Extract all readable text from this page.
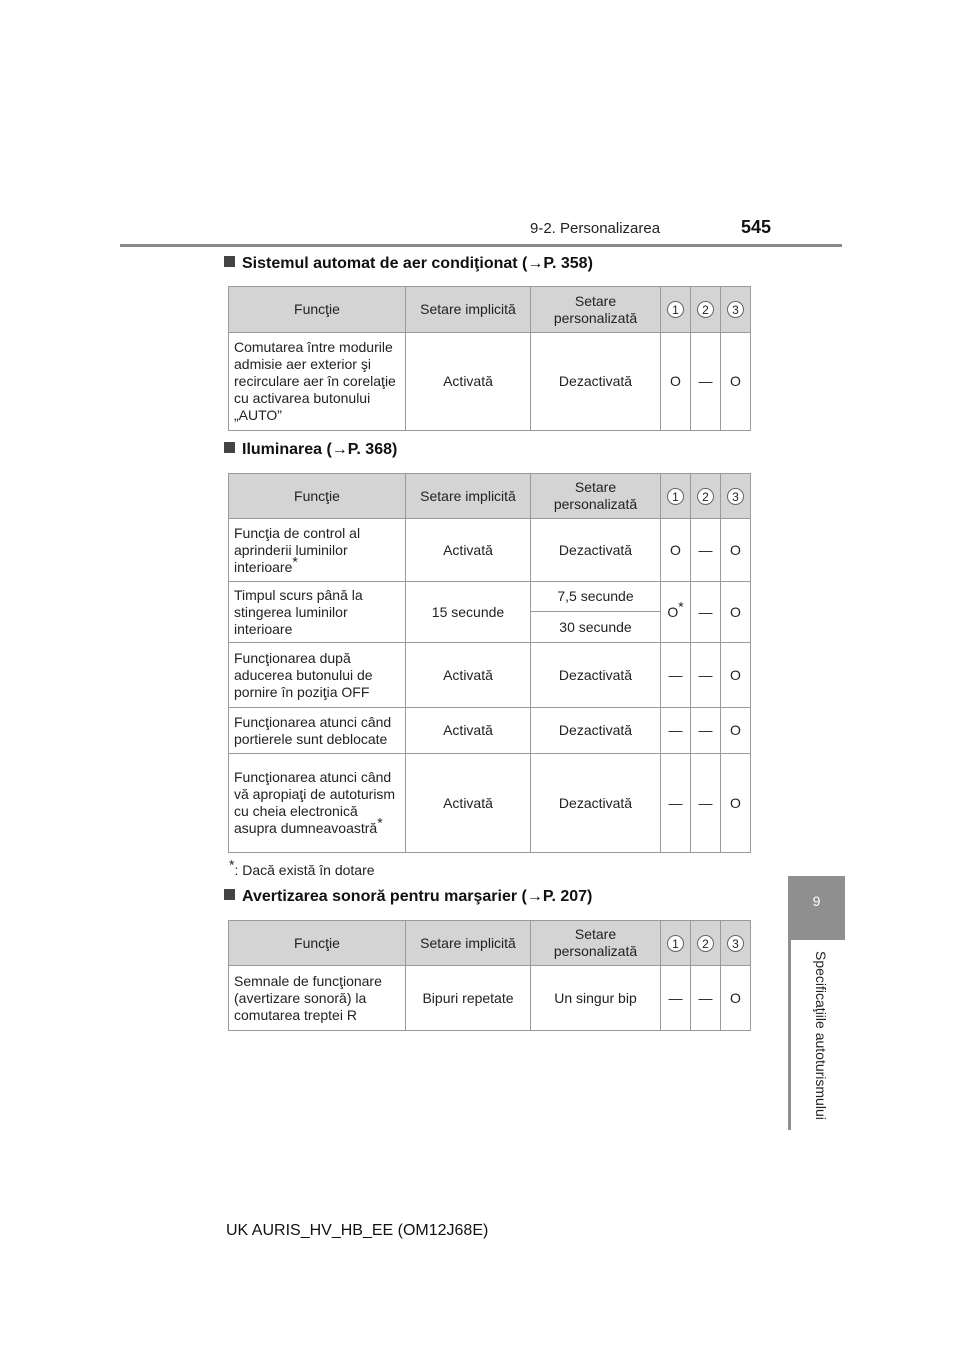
9-2. Personalizarea	545
9
Specificaţiile autoturismului
Sistemul automat de aer condiţionat (→P. 358)
Funcţie	Setare implicită	Setare personalizată	1	2	3
Comutarea între modurile admisie aer exterior şi recirculare aer în corelaţie cu activarea butonului „AUTO”	Activată	Dezactivată	O	—	O
Iluminarea (→P. 368)
Funcţie	Setare implicită	Setare personalizată	1	2	3
Funcţia de control al aprinderii luminilor interioare*	Activată	Dezactivată	O	—	O
Timpul scurs până la stingerea luminilor interioare	15 secunde	7,5 secunde	O*	—	O
		30 secunde			
Funcţionarea după aducerea butonului de pornire în poziţia OFF	Activată	Dezactivată	—	—	O
Funcţionarea atunci când portierele sunt deblocate	Activată	Dezactivată	—	—	O
Funcţionarea atunci când vă apropiaţi de autoturism cu cheia electronică asupra dumneavoastră*	Activată	Dezactivată	—	—	O
*: Dacă există în dotare
Avertizarea sonoră pentru marşarier (→P. 207)
Funcţie	Setare implicită	Setare personalizată	1	2	3
Semnale de funcţionare (avertizare sonoră) la comutarea treptei R	Bipuri repetate	Un singur bip	—	—	O
UK AURIS_HV_HB_EE (OM12J68E)
